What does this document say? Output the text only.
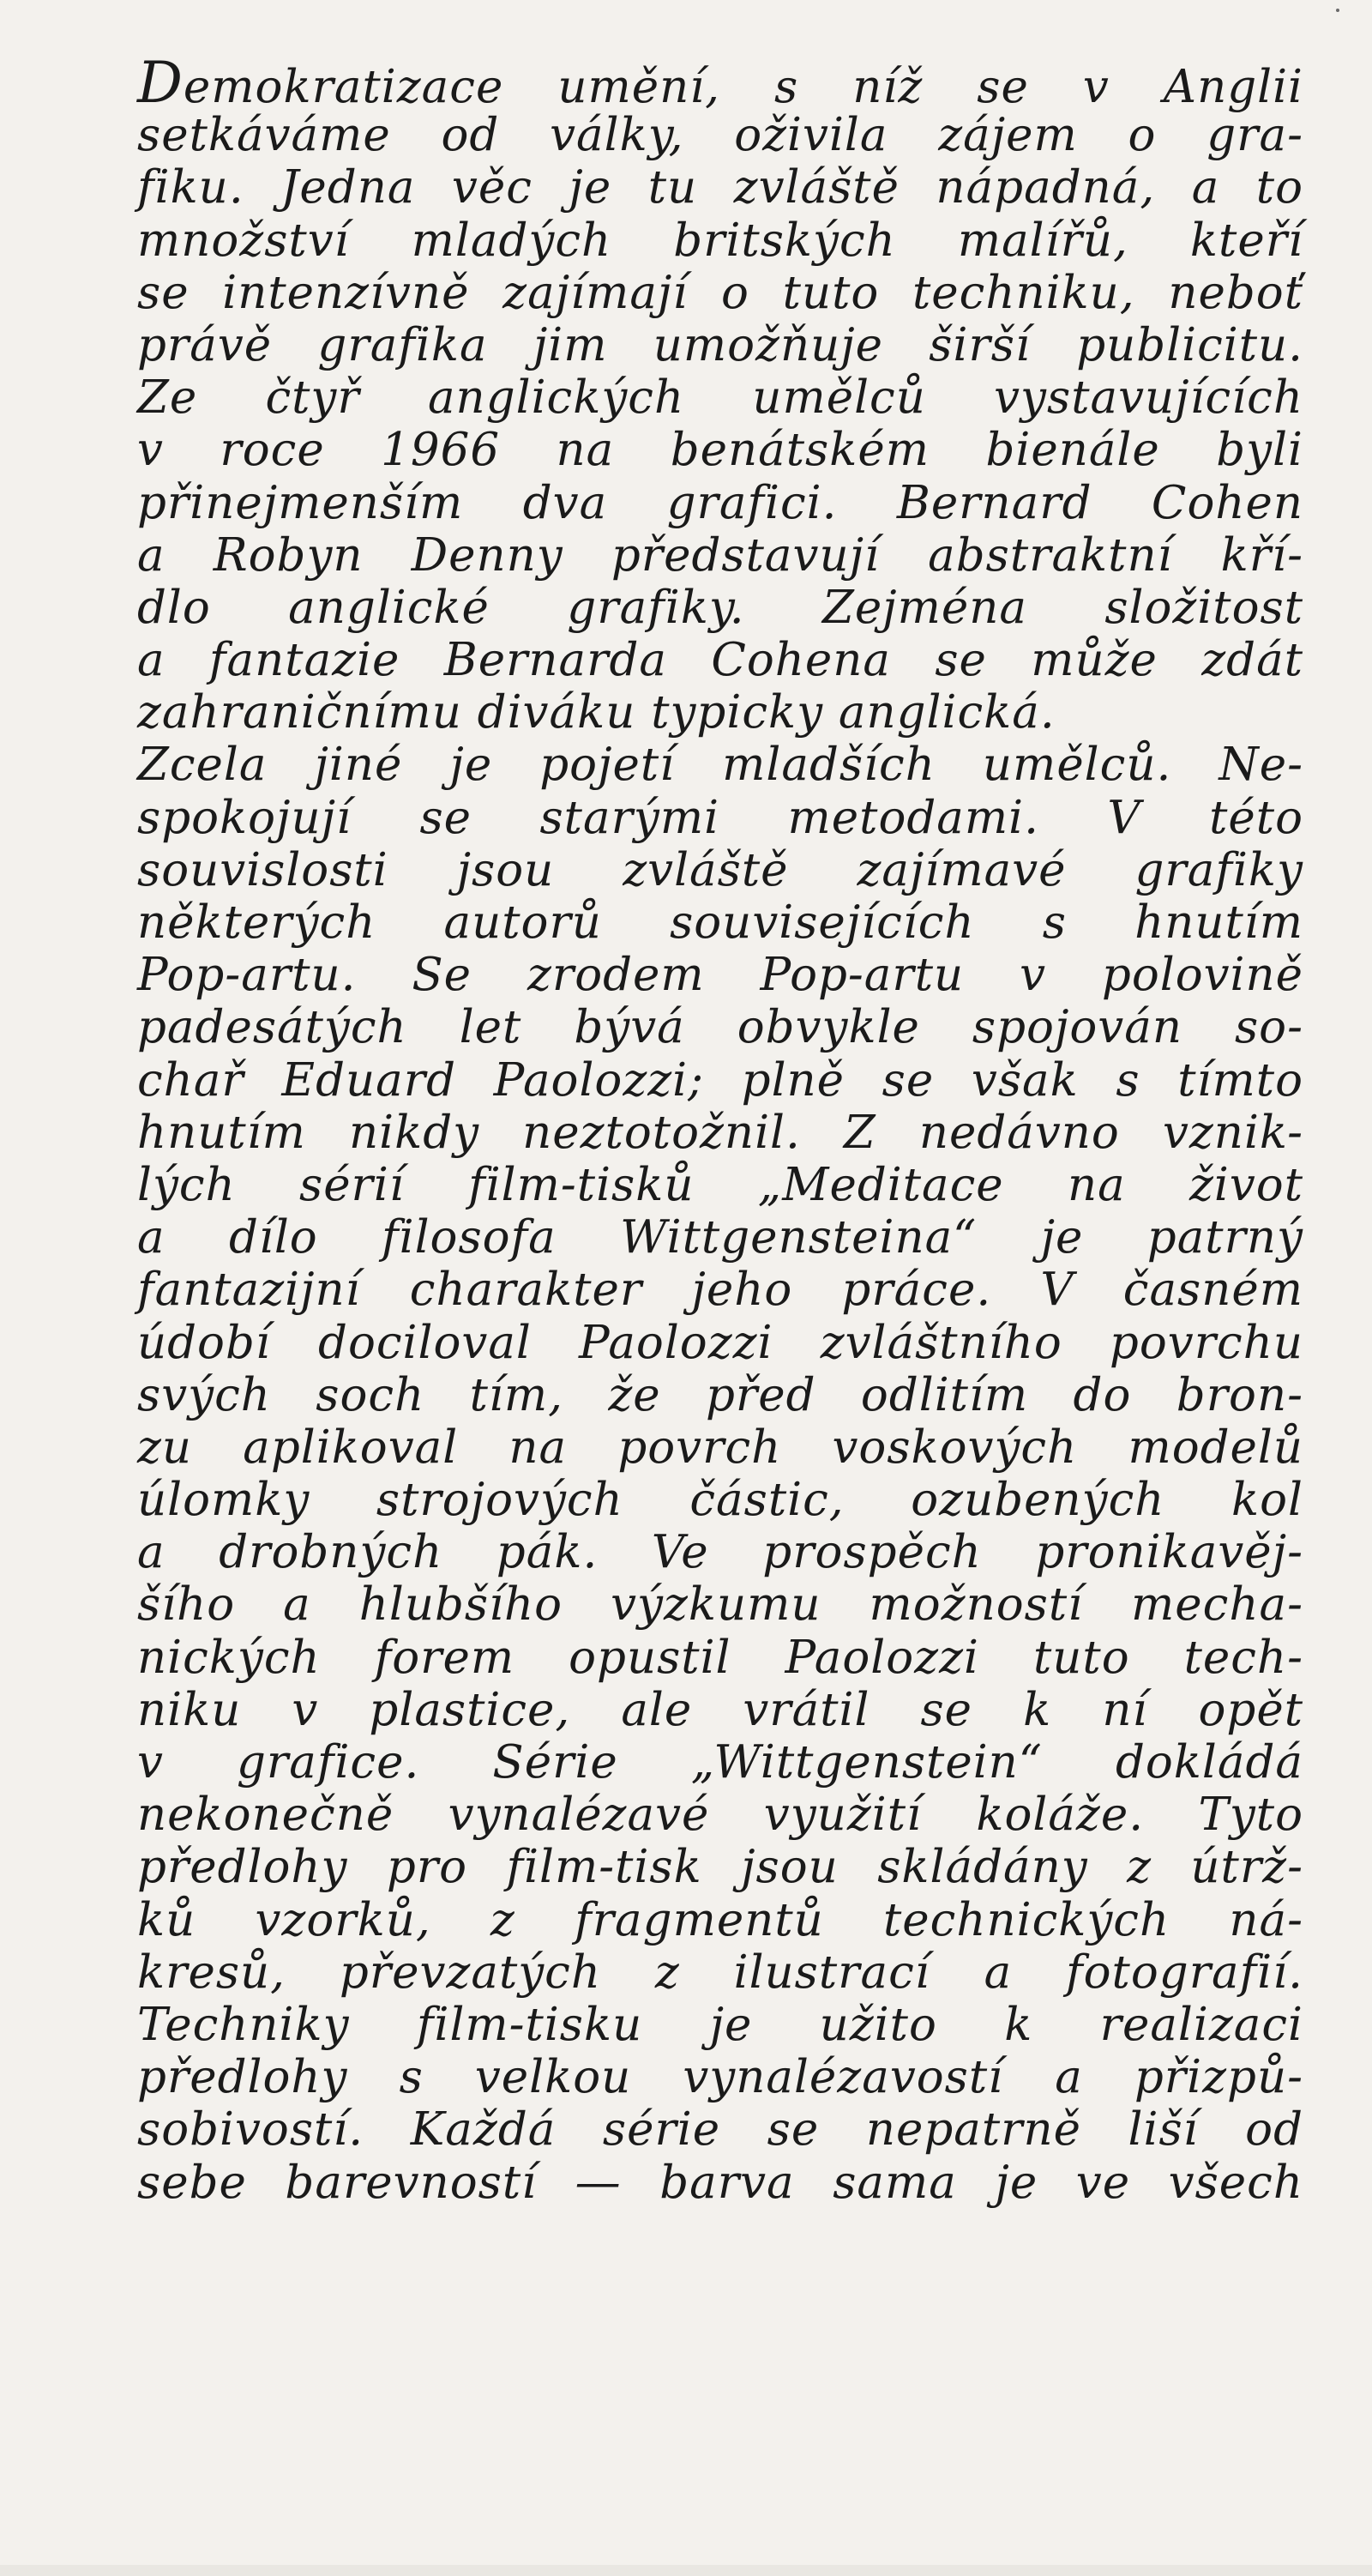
Demokratizace umění, s níž se v Anglii
setkáváme od války, oživila zájem o gra-
fiku. Jedna věc je tu zvláště nápadná, a to
množství mladých britských malířů, kteří
se intenzívně zajímají o tuto techniku, neboť
právě grafika jim umožňuje širší publicitu.
Ze čtyř anglických umělců vystavujících
v roce 1966 na benátském bienále byli
přinejmenším dva grafici. Bernard Cohen
a Robyn Denny představují abstraktní kří-
dlo anglické grafiky. Zejména složitost
a fantazie Bernarda Cohena se může zdát
zahraničnímu diváku typicky anglická.
Zcela jiné je pojetí mladších umělců. Ne-
spokojují se starými metodami. V této
souvislosti jsou zvláště zajímavé grafiky
některých autorů souvisejících s hnutím
Pop-artu. Se zrodem Pop-artu v polovině
padesátých let bývá obvykle spojován so-
chař Eduard Paolozzi; plně se však s tímto
hnutím nikdy neztotožnil. Z nedávno vznik-
lých sérií film-tisků „Meditace na život
a dílo filosofa Wittgensteina“ je patrný
fantazijní charakter jeho práce. V časném
údobí dociloval Paolozzi zvláštního povrchu
svých soch tím, že před odlitím do bron-
zu aplikoval na povrch voskových modelů
úlomky strojových částic, ozubených kol
a drobných pák. Ve prospěch pronikavěj-
šího a hlubšího výzkumu možností mecha-
nických forem opustil Paolozzi tuto tech-
niku v plastice, ale vrátil se k ní opět
v grafice. Série „Wittgenstein“ dokládá
nekonečně vynalézavé využití koláže. Tyto
předlohy pro film-tisk jsou skládány z útrž-
ků vzorků, z fragmentů technických ná-
kresů, převzatých z ilustrací a fotografií.
Techniky film-tisku je užito k realizaci
předlohy s velkou vynalézavostí a přizpů-
sobivostí. Každá série se nepatrně liší od
sebe barevností — barva sama je ve všech
